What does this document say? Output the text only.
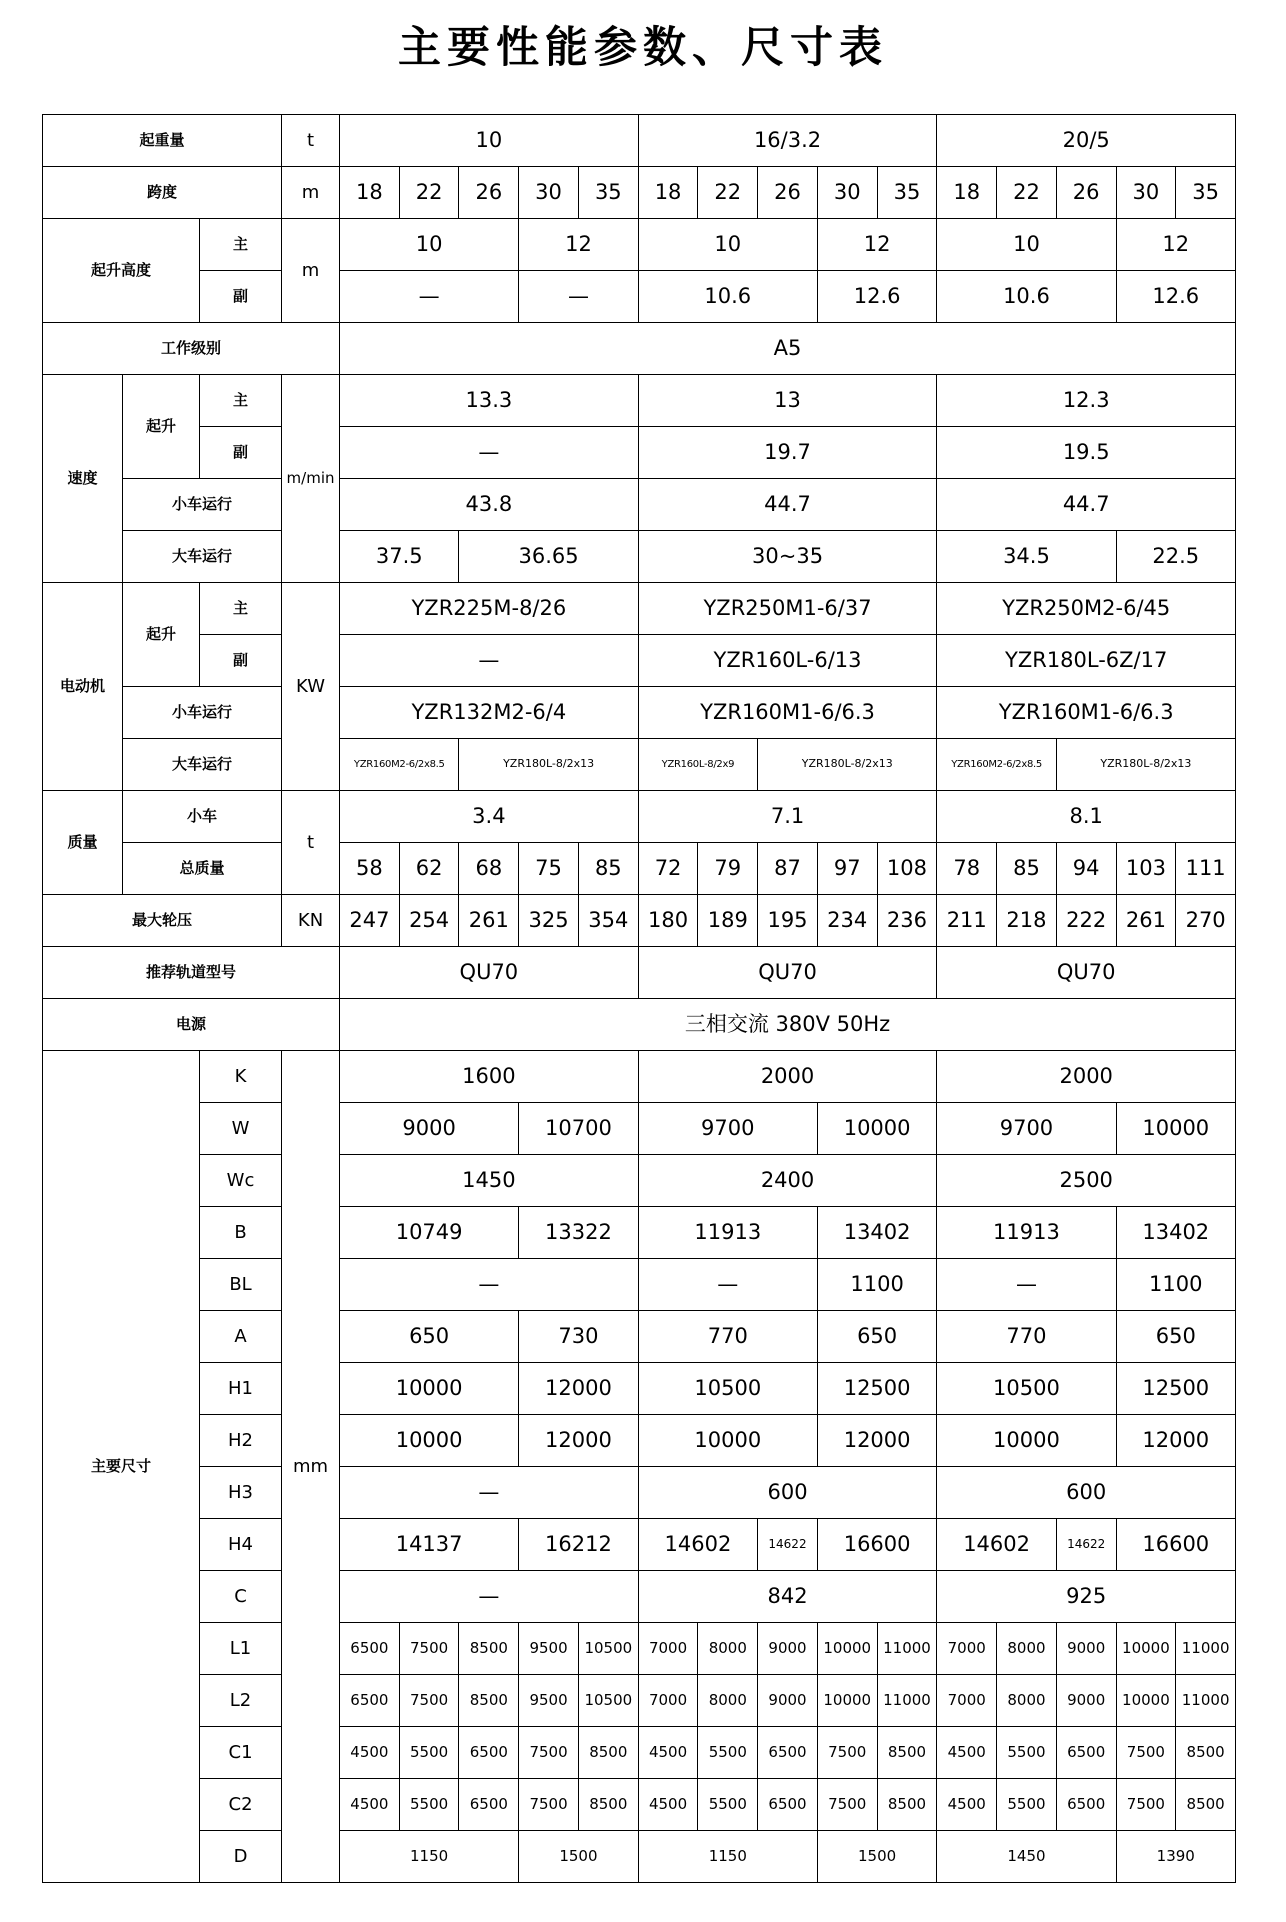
主要性能参数、尺寸表
起重量			t	10					16/3.2					20/5				
跨度			m	18	22	26	30	35	18	22	26	30	35	18	22	26	30	35
起升高度		主	m	10			12		10			12		10			12	
		副		—			—		10.6			12.6		10.6			12.6	
工作级别				A5														
速度	起升	主	m/min	13.3					13					12.3				
		副		—					19.7					19.5				
	小车运行			43.8					44.7					44.7				
	大车运行			37.5		36.65			30~35					34.5			22.5	
电动机	起升	主	KW	YZR225M-8/26					YZR250M1-6/37					YZR250M2-6/45				
		副		—					YZR160L-6/13					YZR180L-6Z/17				
	小车运行			YZR132M2-6/4					YZR160M1-6/6.3					YZR160M1-6/6.3				
	大车运行			YZR160M2-6/2x8.5		YZR180L-8/2x13			YZR160L-8/2x9		YZR180L-8/2x13			YZR160M2-6/2x8.5		YZR180L-8/2x13		
质量	小车		t	3.4					7.1					8.1				
	总质量			58	62	68	75	85	72	79	87	97	108	78	85	94	103	111
最大轮压			KN	247	254	261	325	354	180	189	195	234	236	211	218	222	261	270
推荐轨道型号				QU70					QU70					QU70				
电源				三相交流 380V 50Hz														
主要尺寸		K	mm	1600					2000					2000				
		W		9000			10700		9700			10000		9700			10000	
		Wc		1450					2400					2500				
		B		10749			13322		11913			13402		11913			13402	
		BL		—					—			1100		—			1100	
		A		650			730		770			650		770			650	
		H1		10000			12000		10500			12500		10500			12500	
		H2		10000			12000		10000			12000		10000			12000	
		H3		—					600					600				
		H4		14137			16212		14602		14622	16600		14602		14622	16600	
		C		—					842					925				
		L1		6500	7500	8500	9500	10500	7000	8000	9000	10000	11000	7000	8000	9000	10000	11000
		L2		6500	7500	8500	9500	10500	7000	8000	9000	10000	11000	7000	8000	9000	10000	11000
		C1		4500	5500	6500	7500	8500	4500	5500	6500	7500	8500	4500	5500	6500	7500	8500
		C2		4500	5500	6500	7500	8500	4500	5500	6500	7500	8500	4500	5500	6500	7500	8500
		D		1150			1500		1150			1500		1450			1390	
